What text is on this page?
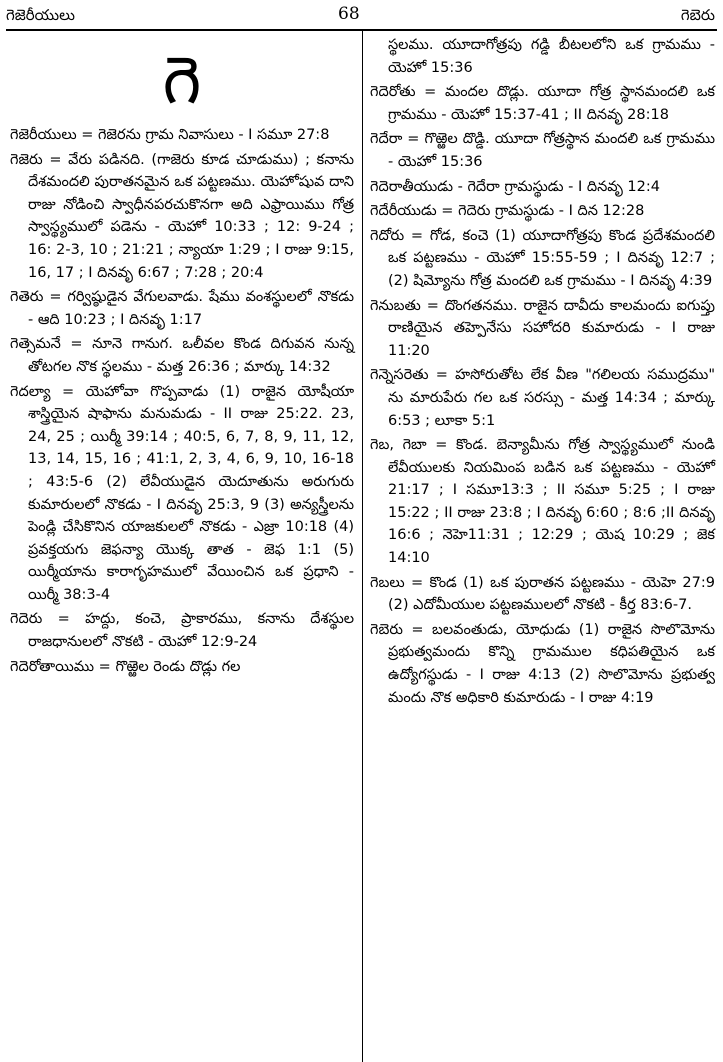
గెజెరీయులు	68	గెబెరు
గె

గెజెరీయులు = గెజెరను గ్రామ నివాసులు - I సమూ 27:8

గెజెరు = వేరు పడినది. (గాజెరు కూడ చూడుము) ; కనాను దేశమందలి పురాతనమైన ఒక పట్టణము. యెహోషువ దాని రాజు నోడించి స్వాధీనపరచుకొనగా అది ఎఫ్రాయిము గోత్ర స్వాస్థ్యములో పడెను - యెహో 10:33 ; 12: 9-24 ; 16: 2-3, 10 ; 21:21 ; న్యాయా 1:29 ; I రాజు 9:15, 16, 17 ; I దినవృ 6:67 ; 7:28 ; 20:4

గెతెరు = గర్విష్ఠుడైన వేగులవాడు. షేము వంశస్థులలో నొకడు - ఆది 10:23 ; I దినవృ 1:17

గెత్సెమనే = నూనె గానుగ. ఒలీవల కొండ దిగువన నున్న తోటగల నొక స్థలము - మత్త 26:36 ; మార్కు 14:32

గెదల్యా = యెహోవా గొప్పవాడు (1) రాజైన యోషీయా శాస్త్రియైన షాఫాను మనుమడు - II రాజు 25:22. 23, 24, 25 ; యిర్మీ 39:14 ; 40:5, 6, 7, 8, 9, 11, 12, 13, 14, 15, 16 ; 41:1, 2, 3, 4, 6, 9, 10, 16-18 ; 43:5-6 (2) లేవీయుడైన యెదూతును అరుగురు కుమారులలో నొకడు - I దినవృ 25:3, 9 (3) అన్యస్త్రీలను పెండ్లి చేసికొనిన యాజకులలో నొకడు - ఎజ్రా 10:18 (4) ప్రవక్తయగు జెఫన్యా యొక్క తాత - జెఫ 1:1 (5) యిర్మీయాను కారాగృహములో వేయించిన ఒక ప్రధాని - యిర్మీ 38:3-4

గెదెరు = హద్దు, కంచె, ప్రాకారము, కనాను దేశస్థుల రాజధానులలో నొకటి - యెహో 12:9-24

గెదెరోతాయిము = గొఱ్ఱెల రెండు దొడ్లు గల

స్థలము. యూదాగోత్రపు గడ్డి బీటలలోని ఒక గ్రామము - యెహో 15:36

గెదెరోతు = మందల దొడ్లు. యూదా గోత్ర స్థానమందలి ఒక గ్రామము - యెహో 15:37-41 ; II దినవృ 28:18

గెదేరా = గొఱ్ఱెల దొడ్డి. యూదా గోత్రస్థాన మందలి ఒక గ్రామము - యెహో 15:36

గెదెరాతీయుడు - గెదేరా గ్రామస్థుడు - I దినవృ 12:4

గెదేరీయుడు = గెదెరు గ్రామస్థుడు - I దిన 12:28

గెదోరు = గోడ, కంచె (1) యూదాగోత్రపు కొండ ప్రదేశమందలి ఒక పట్టణము - యెహో 15:55-59 ; I దినవృ 12:7 ; (2) షిమ్యోను గోత్ర మందలి ఒక గ్రామము - I దినవృ 4:39

గెనుబతు = దొంగతనము. రాజైన దావీదు కాలమందు ఐగుప్తు రాణియైన తహ్పెనేసు సహోదరి కుమారుడు - I రాజు 11:20

గెన్నెసరెతు = హసోరుతోట లేక వీణ "గలిలయ సముద్రము" ను మారుపేరు గల ఒక సరస్సు - మత్త 14:34 ; మార్కు 6:53 ; లూకా 5:1

గెబ, గెబా = కొండ. బెన్యామీను గోత్ర స్వాస్థ్యములో నుండి లేవీయులకు నియమింప బడిన ఒక పట్టణము - యెహో 21:17 ; I సమూ13:3 ; II సమూ 5:25 ; I రాజు 15:22 ; II రాజు 23:8 ; I దినవృ 6:60 ; 8:6 ;II దినవృ 16:6 ; నెహె11:31 ; 12:29 ; యెష 10:29 ; జెక 14:10

గెబలు = కొండ (1) ఒక పురాతన పట్టణము - యెహె 27:9 (2) ఎదోమీయుల పట్టణములలో నొకటి - కీర్త 83:6-7.

గెబెరు = బలవంతుడు, యోధుడు (1) రాజైన సొలొమోను ప్రభుత్వమందు కొన్ని గ్రామముల కధిపతియైన ఒక ఉద్యోగస్థుడు - I రాజు 4:13 (2) సొలొమోను ప్రభుత్వ మందు నొక అధికారి కుమారుడు - I రాజు 4:19
